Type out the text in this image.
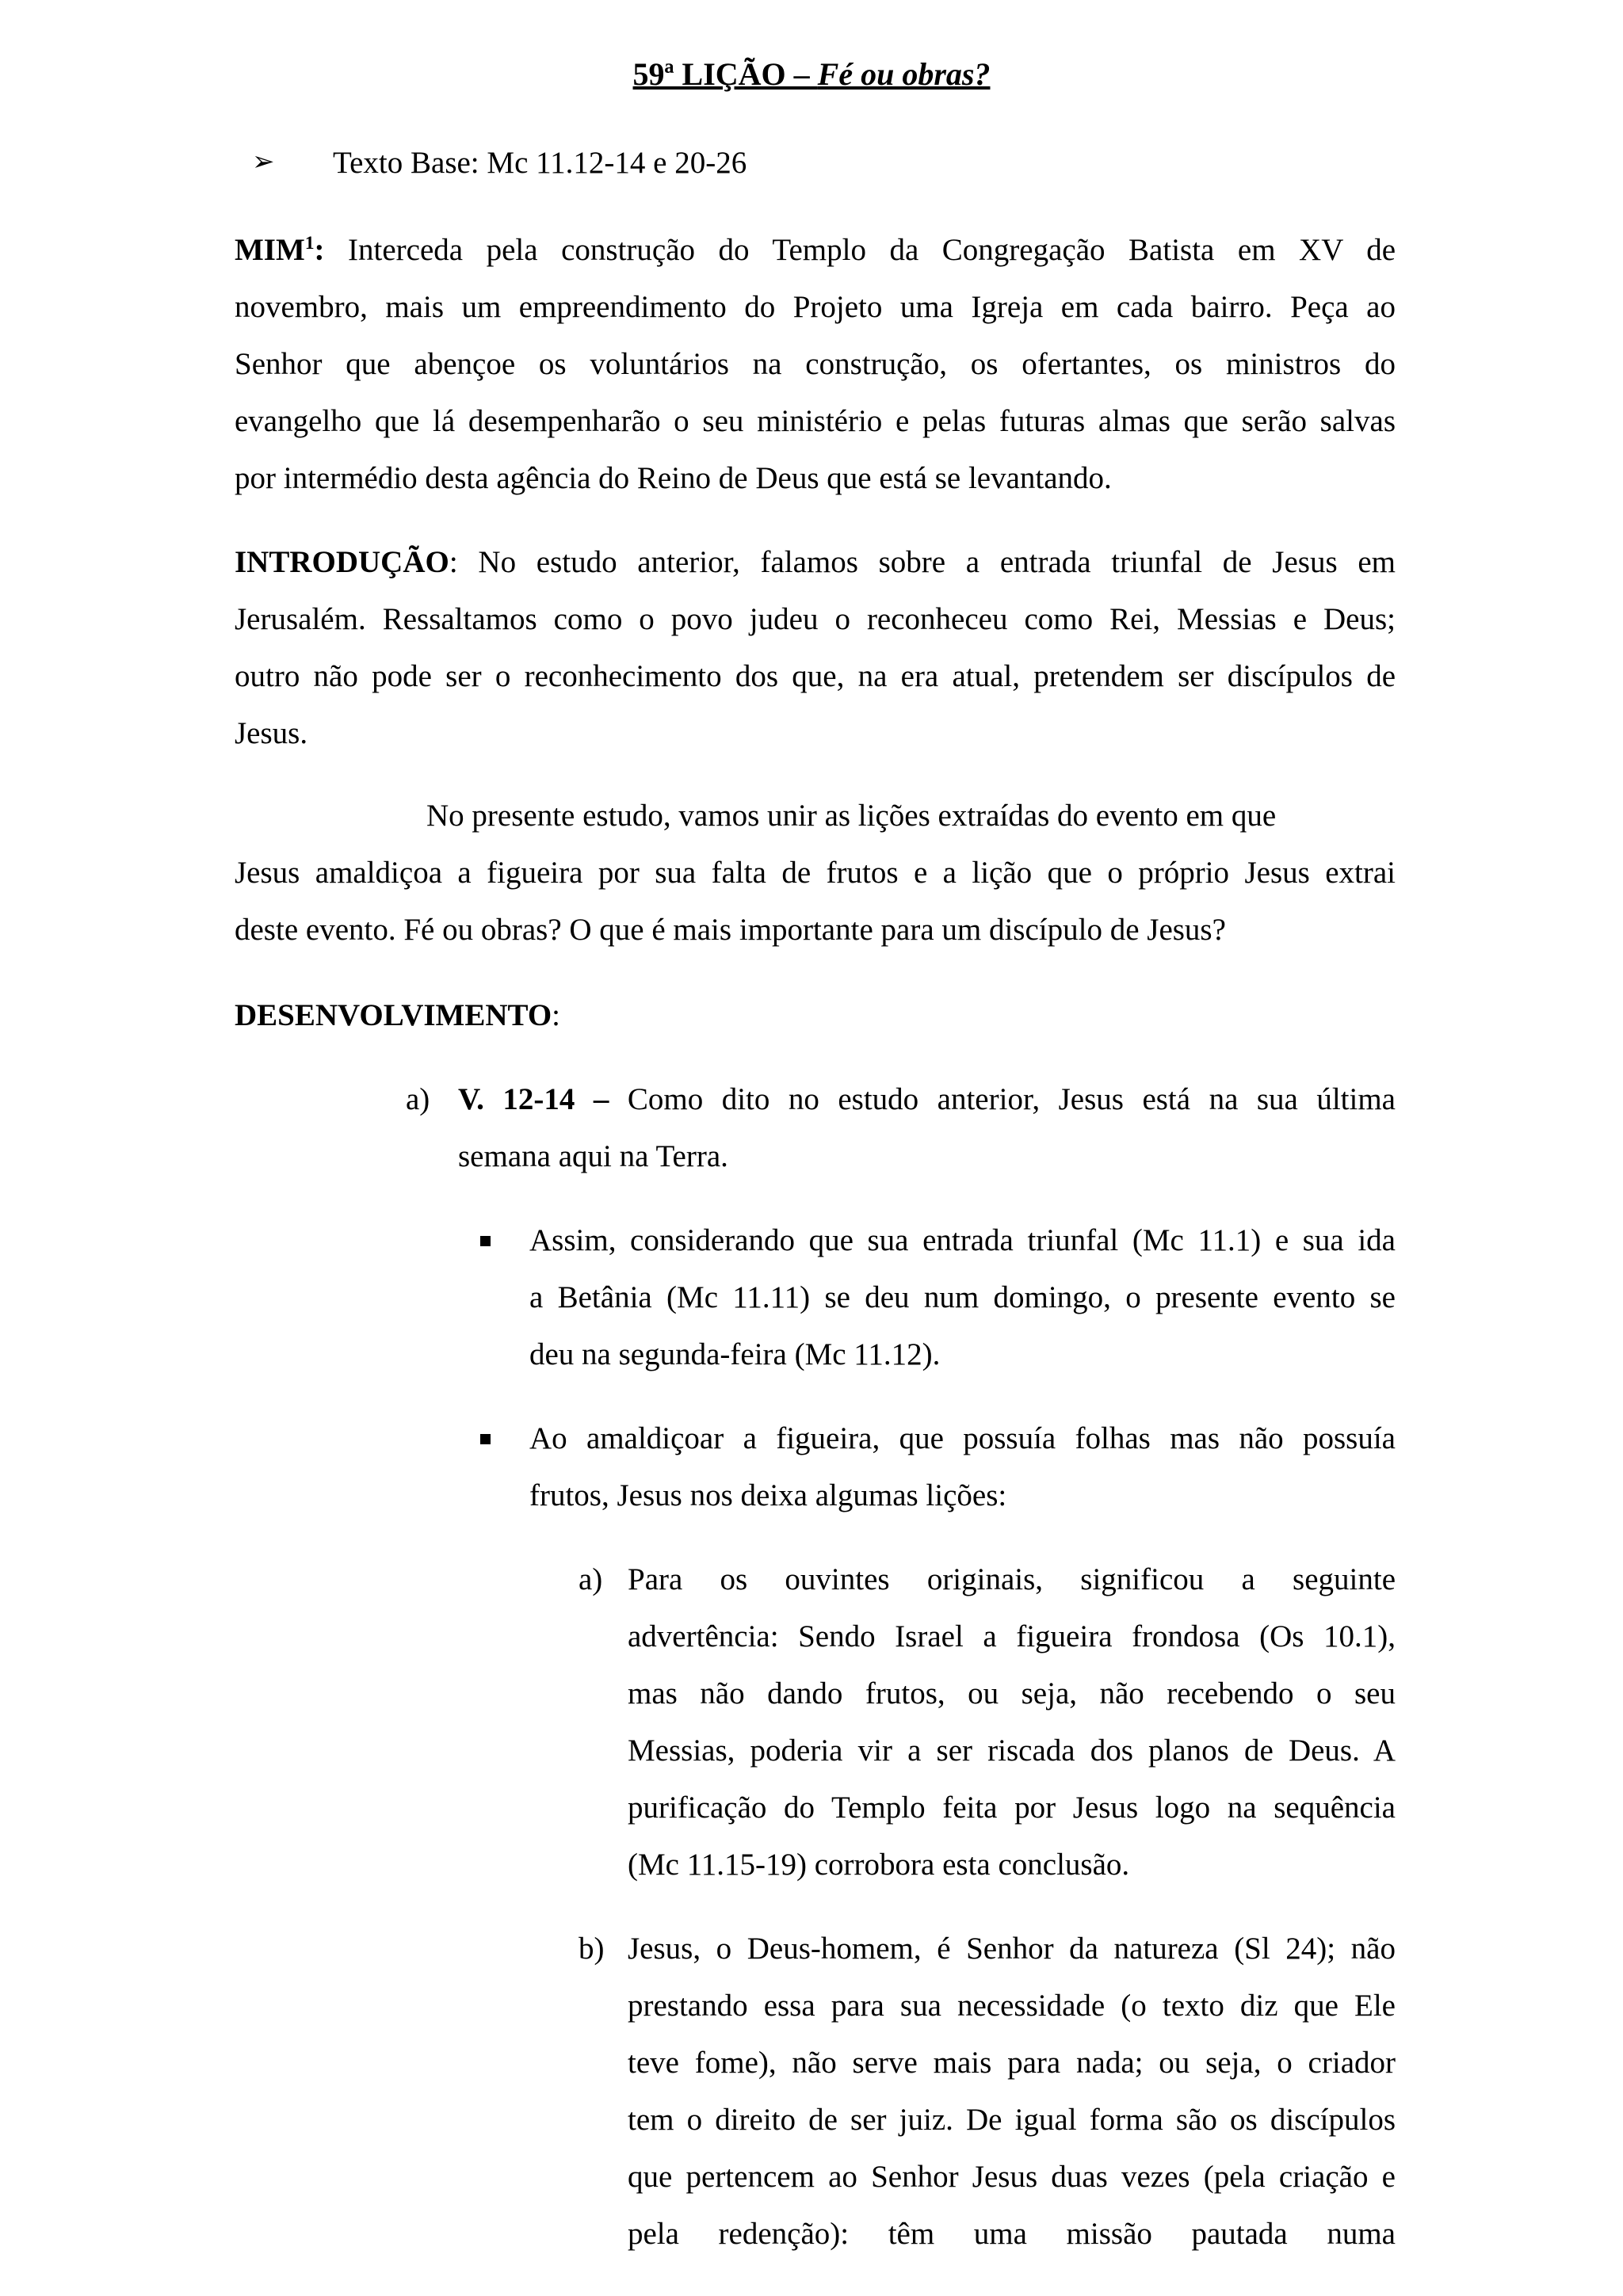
59ª LIÇÃO – Fé ou obras?
➢ Texto Base: Mc 11.12-14 e 20-26
MIM$^1$: Interceda pela construção do Templo da Congregação Batista em XV de
novembro, mais um empreendimento do Projeto uma Igreja em cada bairro. Peça ao
Senhor que abençoe os voluntários na construção, os ofertantes, os ministros do
evangelho que lá desempenharão o seu ministério e pelas futuras almas que serão salvas
por intermédio desta agência do Reino de Deus que está se levantando.
INTRODUÇÃO: No estudo anterior, falamos sobre a entrada triunfal de Jesus em
Jerusalém. Ressaltamos como o povo judeu o reconheceu como Rei, Messias e Deus;
outro não pode ser o reconhecimento dos que, na era atual, pretendem ser discípulos de
Jesus.
No presente estudo, vamos unir as lições extraídas do evento em que
Jesus amaldiçoa a figueira por sua falta de frutos e a lição que o próprio Jesus extrai
deste evento. Fé ou obras? O que é mais importante para um discípulo de Jesus?
DESENVOLVIMENTO:
a) V. 12-14 – Como dito no estudo anterior, Jesus está na sua última
semana aqui na Terra.
Assim, considerando que sua entrada triunfal (Mc 11.1) e sua ida
a Betânia (Mc 11.11) se deu num domingo, o presente evento se
deu na segunda-feira (Mc 11.12).
Ao amaldiçoar a figueira, que possuía folhas mas não possuía
frutos, Jesus nos deixa algumas lições:
a) Para os ouvintes originais, significou a seguinte
advertência: Sendo Israel a figueira frondosa (Os 10.1),
mas não dando frutos, ou seja, não recebendo o seu
Messias, poderia vir a ser riscada dos planos de Deus. A
purificação do Templo feita por Jesus logo na sequência
(Mc 11.15-19) corrobora esta conclusão.
b) Jesus, o Deus-homem, é Senhor da natureza (Sl 24); não
prestando essa para sua necessidade (o texto diz que Ele
teve fome), não serve mais para nada; ou seja, o criador
tem o direito de ser juiz. De igual forma são os discípulos
que pertencem ao Senhor Jesus duas vezes (pela criação e
pela redenção): têm uma missão pautada numa
